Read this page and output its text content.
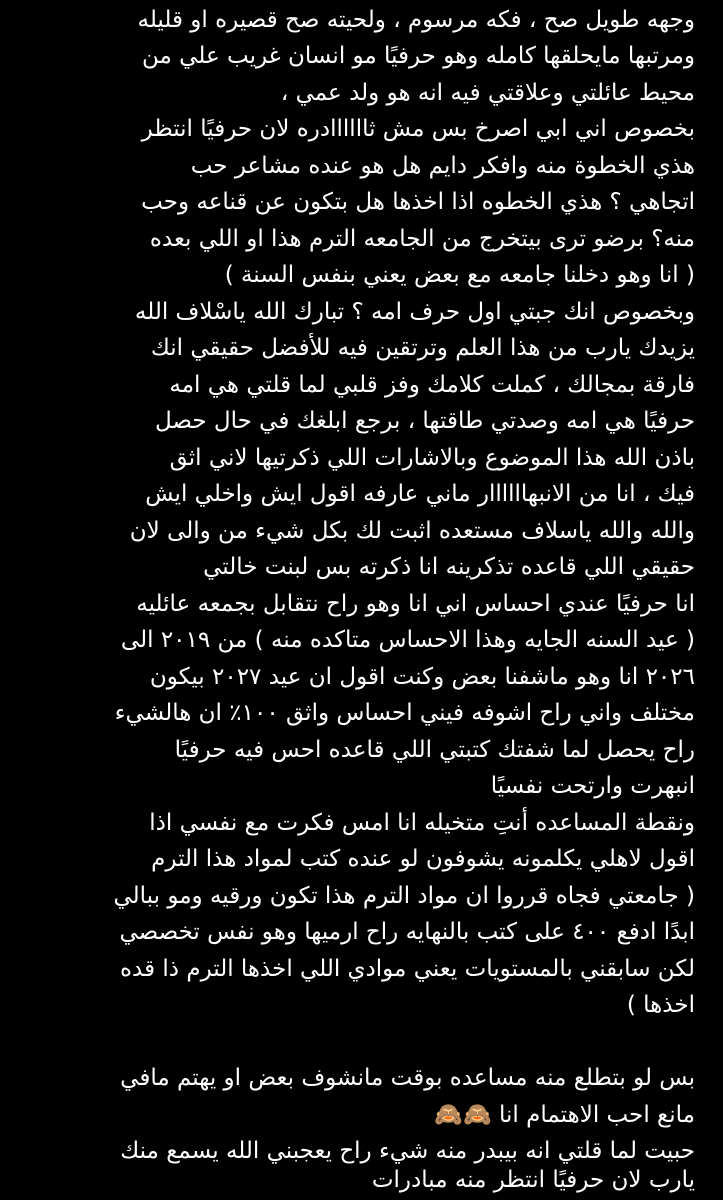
وجهه طويل صح ، فكه مرسوم ، ولحيته صح قصيره او قليله
ومرتبها مايحلقها كامله وهو حرفيًا مو انسان غريب علي من
محيط عائلتي وعلاقتي فيه انه هو ولد عمي ،
بخصوص اني ابي اصرخ بس مش ثاااااادره لان حرفيًا انتظر
هذي الخطوة منه وافكر دايم هل هو عنده مشاعر حب
اتجاهي ؟ هذي الخطوه اذا اخذها هل بتكون عن قناعه وحب
منه؟ برضو ترى بيتخرج من الجامعه الترم هذا او اللي بعده
( انا وهو دخلنا جامعه مع بعض يعني بنفس السنة )
وبخصوص انك جبتي اول حرف امه ؟ تبارك الله ياسْلاف الله
يزيدك يارب من هذا العلم وترتقين فيه للأفضل حقيقي انك
فارقة بمجالك ، كملت كلامك وفز قلبي لما قلتي هي امه
حرفيًا هي امه وصدتي طاقتها ، برجع ابلغك في حال حصل
باذن الله هذا الموضوع وبالاشارات اللي ذكرتيها لاني اثق
فيك ، انا من الانبهاااااار ماني عارفه اقول ايش واخلي ايش
والله والله ياسلاف مستعده اثبت لك بكل شيء من والى لان
حقيقي اللي قاعده تذكرينه انا ذكرته بس لبنت خالتي
انا حرفيًا عندي احساس اني انا وهو راح نتقابل بجمعه عائليه
( عيد السنه الجايه وهذا الاحساس متاكده منه ) من ٢٠١٩ الى
٢٠٢٦ انا وهو ماشفنا بعض وكنت اقول ان عيد ٢٠٢٧ بيكون
مختلف واني راح اشوفه فيني احساس واثق ١٠٠٪ ان هالشيء
راح يحصل لما شفتك كتبتي اللي قاعده احس فيه حرفيًا
انبهرت وارتحت نفسيًا
ونقطة المساعده أنتِ متخيله انا امس فكرت مع نفسي اذا
اقول لاهلي يكلمونه يشوفون لو عنده كتب لمواد هذا الترم
( جامعتي فجاه قرروا ان مواد الترم هذا تكون ورقيه ومو ببالي
ابدًا ادفع ٤٠٠ على كتب بالنهايه راح ارميها وهو نفس تخصصي
لكن سابقني بالمستويات يعني موادي اللي اخذها الترم ذا قده
اخذها )
بس لو بتطلع منه مساعده بوقت مانشوف بعض او يهتم مافي
مانع احب الاهتمام انا 🙈🙈
حبيت لما قلتي انه بيبدر منه شيء راح يعجبني الله يسمع منك
يارب لان حرفيًا انتظر منه مبادرات
